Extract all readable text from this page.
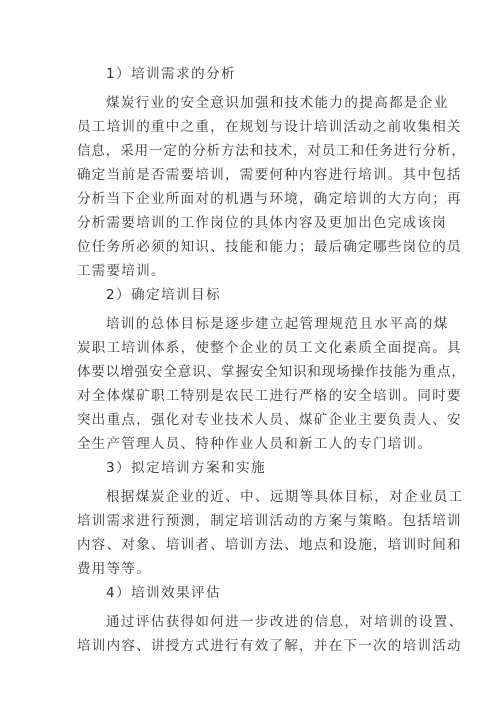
1）培训需求的分析
煤炭行业的安全意识加强和技术能力的提高都是企业
员工培训的重中之重，在规划与设计培训活动之前收集相关
信息，采用一定的分析方法和技术，对员工和任务进行分析，
确定当前是否需要培训，需要何种内容进行培训。其中包括
分析当下企业所面对的机遇与环境，确定培训的大方向；再
分析需要培训的工作岗位的具体内容及更加出色完成该岗
位任务所必须的知识、技能和能力；最后确定哪些岗位的员
工需要培训。
2）确定培训目标
培训的总体目标是逐步建立起管理规范且水平高的煤
炭职工培训体系，使整个企业的员工文化素质全面提高。具
体要以增强安全意识、掌握安全知识和现场操作技能为重点，
对全体煤矿职工特别是农民工进行严格的安全培训。同时要
突出重点，强化对专业技术人员、煤矿企业主要负责人、安
全生产管理人员、特种作业人员和新工人的专门培训。
3）拟定培训方案和实施
根据煤炭企业的近、中、远期等具体目标，对企业员工
培训需求进行预测，制定培训活动的方案与策略。包括培训
内容、对象、培训者、培训方法、地点和设施，培训时间和
费用等等。
4）培训效果评估
通过评估获得如何进一步改进的信息，对培训的设置、
培训内容、讲授方式进行有效了解，并在下一次的培训活动
